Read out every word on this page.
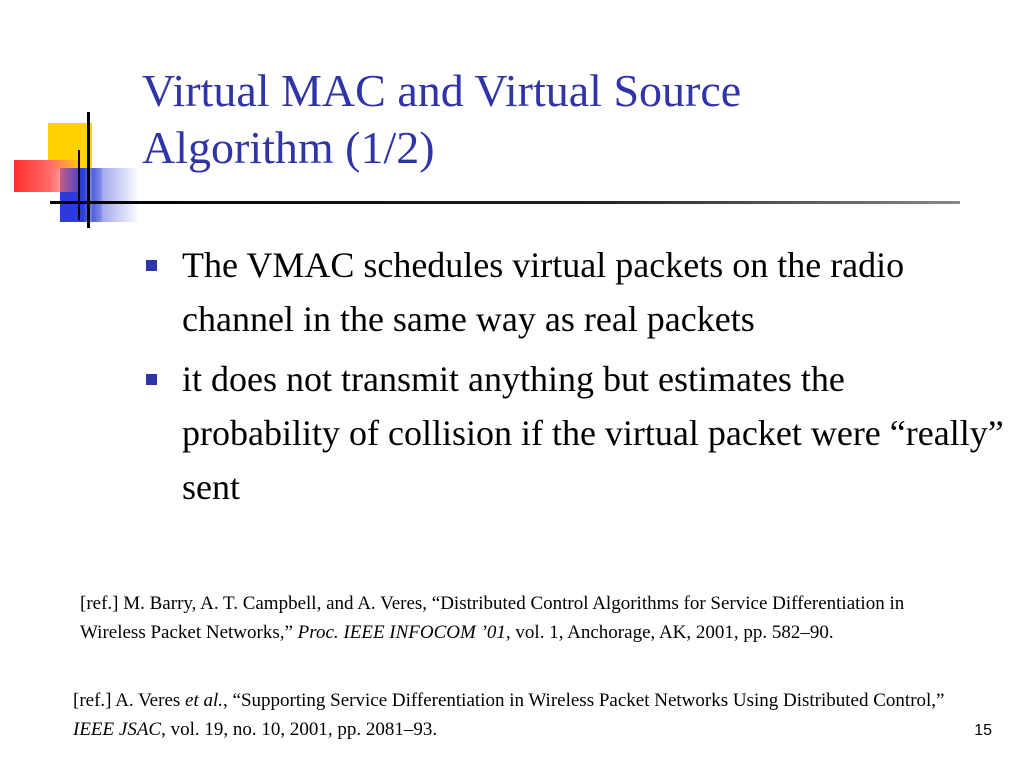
Virtual MAC and Virtual Source
Algorithm (1/2)
The VMAC schedules virtual packets on the radio channel in the same way as real packets
it does not transmit anything but estimates the probability of collision if the virtual packet were “really” sent
[ref.] M. Barry, A. T. Campbell, and A. Veres, “Distributed Control Algorithms for Service Differentiation in Wireless Packet Networks,” Proc. IEEE INFOCOM ’01, vol. 1, Anchorage, AK, 2001, pp. 582–90.
[ref.] A. Veres et al., “Supporting Service Differentiation in Wireless Packet Networks Using Distributed Control,” IEEE JSAC, vol. 19, no. 10, 2001, pp. 2081–93.	15
